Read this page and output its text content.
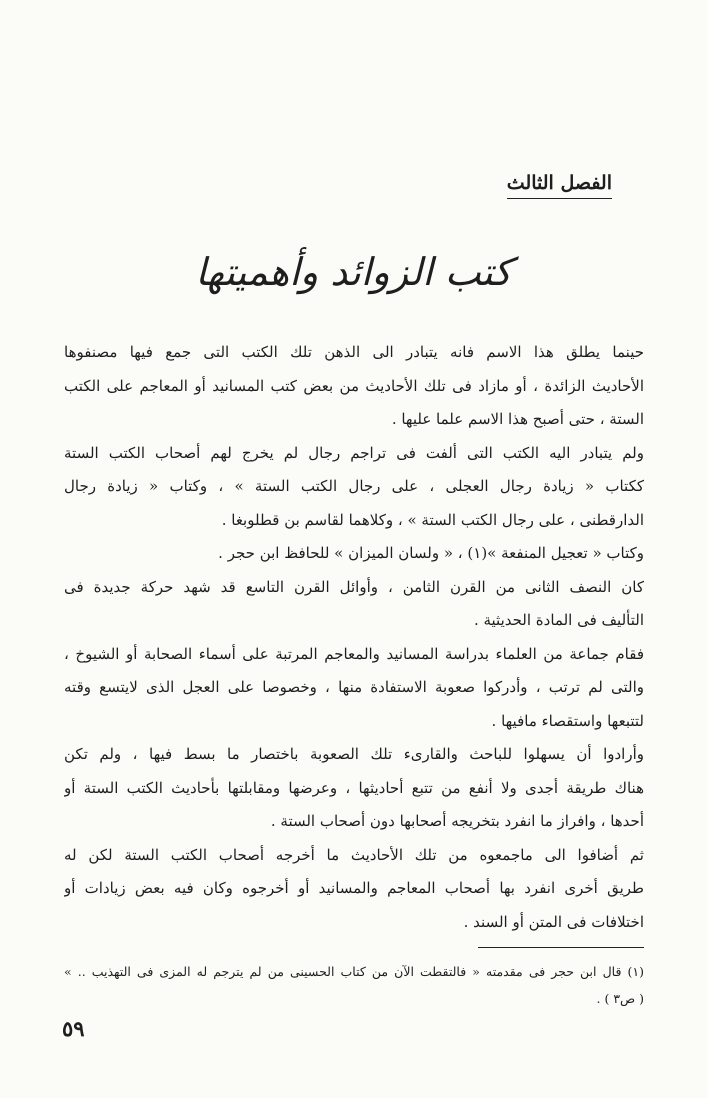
الفصل الثالث
كتب الزوائد وأهميتها

حينما يطلق هذا الاسم فانه يتبادر الى الذهن تلك الكتب التى جمع فيها مصنفوها
الأحاديث الزائدة ، أو مازاد فى تلك الأحاديث من بعض كتب المسانيد أو المعاجم على الكتب
الستة ، حتى أصبح هذا الاسم علما عليها .

ولم يتبادر اليه الكتب التى ألفت فى تراجم رجال لم يخرج لهم أصحاب الكتب الستة
ككتاب « زيادة رجال العجلى ، على رجال الكتب الستة » ، وكتاب « زيادة رجال
الدارقطنى ، على رجال الكتب الستة » ، وكلاهما لقاسم بن قطلوبغا .

وكتاب « تعجيل المنفعة »(١) ، « ولسان الميزان » للحافظ ابن حجر .

كان النصف الثانى من القرن الثامن ، وأوائل القرن التاسع قد شهد حركة جديدة فى
التأليف فى المادة الحديثية .

فقام جماعة من العلماء بدراسة المسانيد والمعاجم المرتبة على أسماء الصحابة أو الشيوخ ،
والتى لم ترتب ، وأدركوا صعوبة الاستفادة منها ، وخصوصا على العجل الذى لايتسع وقته
لتتبعها واستقصاء مافيها .

وأرادوا أن يسهلوا للباحث والقارىء تلك الصعوبة باختصار ما بسط فيها ، ولم تكن
هناك طريقة أجدى ولا أنفع من تتبع أحاديثها ، وعرضها ومقابلتها بأحاديث الكتب الستة أو
أحدها ، وافراز ما انفرد بتخريجه أصحابها دون أصحاب الستة .

ثم أضافوا الى ماجمعوه من تلك الأحاديث ما أخرجه أصحاب الكتب الستة لكن له
طريق أخرى انفرد بها أصحاب المعاجم والمسانيد أو أخرجوه وكان فيه بعض زيادات أو
اختلافات فى المتن أو السند .

(١) قال ابن حجر فى مقدمته « فالتقطت الآن من كتاب الحسينى من لم يترجم له المزى فى التهذيب .. »
( ص٣ ) .
٥٩
